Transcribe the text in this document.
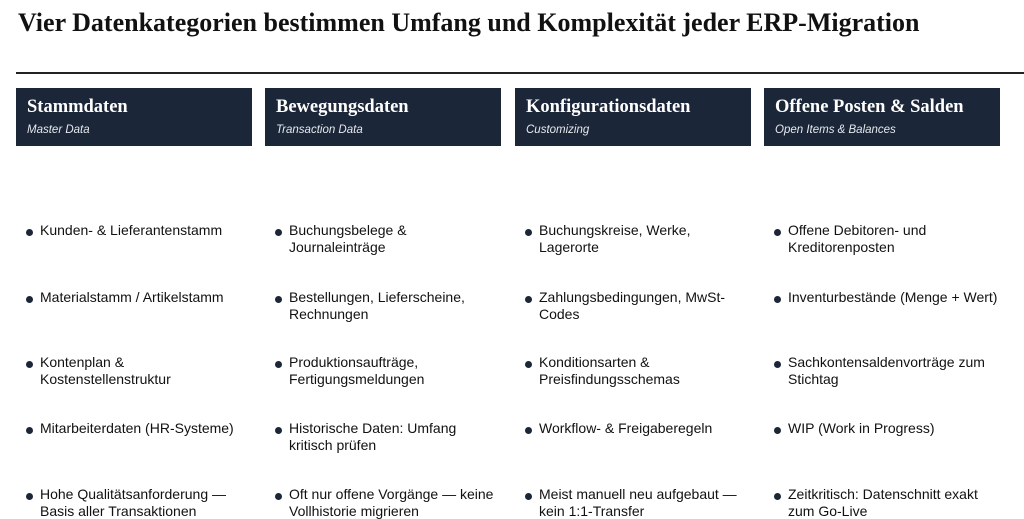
Vier Datenkategorien bestimmen Umfang und Komplexität jeder ERP-Migration
Stammdaten
Master Data
Kunden- & Lieferantenstamm
Materialstamm / Artikelstamm
Kontenplan & Kostenstellenstruktur
Mitarbeiterdaten (HR-Systeme)
Hohe Qualitätsanforderung — Basis aller Transaktionen
Bewegungsdaten
Transaction Data
Buchungsbelege & Journaleinträge
Bestellungen, Lieferscheine, Rechnungen
Produktionsaufträge, Fertigungsmeldungen
Historische Daten: Umfang kritisch prüfen
Oft nur offene Vorgänge — keine Vollhistorie migrieren
Konfigurationsdaten
Customizing
Buchungskreise, Werke, Lagerorte
Zahlungsbedingungen, MwSt-Codes
Konditionsarten & Preisfindungsschemas
Workflow- & Freigaberegeln
Meist manuell neu aufgebaut — kein 1:1-Transfer
Offene Posten & Salden
Open Items & Balances
Offene Debitoren- und Kreditorenposten
Inventurbestände (Menge + Wert)
Sachkontensaldenvorträge zum Stichtag
WIP (Work in Progress)
Zeitkritisch: Datenschnitt exakt zum Go-Live
